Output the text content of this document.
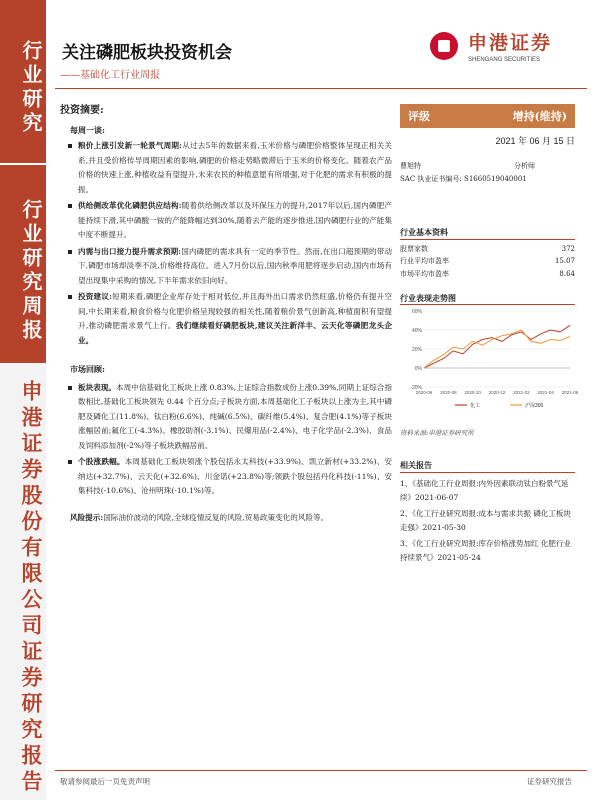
行业研究
行业研究周报
申港证券股份有限公司证券研究报告
关注磷肥板块投资机会
——基础化工行业周报
申港证券
SHENGANG SECURITIES
投资摘要:
每周一谈:
粮价上涨引发新一轮景气周期:从过去5年的数据来看,玉米价格与磷肥价格整体呈现正相关关系,并且受价格传导周期因素的影响,磷肥的价格走势略微滞后于玉米的价格变化。随着农产品价格的快速上涨,种植收益有望提升,未来农民的种植意愿有所增强,对于化肥的需求有积极的提振。
供给侧改革优化磷肥供应结构:随着供给侧改革以及环保压力的提升,2017年以后,国内磷肥产能持续下滑,其中磷酸一铵的产能降幅达到30%,随着去产能的逐步推进,国内磷肥行业的产能集中度不断提升。
内需与出口接力提升需求预期:国内磷肥的需求具有一定的季节性。然而,在出口超预期的带动下,磷肥市场却淡季不淡,价格维持高位。进入7月份以后,国内秋季用肥将逐步启动,国内市场有望出现集中采购的情况,下半年需求依旧向好。
投资建议:短期来看,磷肥企业库存处于相对低位,并且海外出口需求仍然旺盛,价格仍有提升空间,中长期来看,粮食价格与化肥价格呈现较强的相关性,随着粮价景气创新高,种植面积有望提升,推动磷肥需求景气上行。我们继续看好磷肥板块,建议关注新洋丰、云天化等磷肥龙头企业。
市场回顾:
板块表现。本周中信基础化工板块上涨 0.83%,上证综合指数成份上涨0.39%,同期上证综合指数相比,基础化工板块领先 0.44 个百分点;子板块方面,本周基础化工子板块以上涨为主,其中磷肥及磷化工(11.8%)、钛白粉(6.6%)、纯碱(6.5%)、碳纤维(5.4%)、复合肥(4.1%)等子板块涨幅居前;氟化工(-4.3%)、橡胶助剂(-3.1%)、民爆用品(-2.4%)、电子化学品(-2.3%)、食品及饲料添加剂(-2%)等子板块跌幅居前。
个股涨跌幅。本周基础化工板块领涨个股包括永太科技(+33.9%)、凯立新材(+33.2%)、安纳达(+32.7%)、云天化(+32.6%)、川金诺(+23.8%)等;领跌个股包括丹化科技(-11%)、安集科技(-10.6%)、沧州明珠(-10.1%)等。
风险提示:国际油价波动的风险,全球疫情反复的风险,贸易政策变化的风险等。
评级	增持(维持)
2021 年 06 月 15 日
曹旭特	分析师
SAC 执业证书编号: S1660519040001
行业基本资料
股票家数	372
行业平均市盈率	15.07
市场平均市盈率	8.64
行业表现走势图
60%
40%
20%
0%
-20%
2020-06 2020-08 2020-10 2020-12 2021-02 2021-04 2021-06
化工	沪深300
资料来源:申港证券研究所
相关报告
1、《基础化工行业周报:内外因素联动钛白粉景气延续》2021-06-07
2、《化工行业研究周报:成本与需求共振 磷化工板块走强》2021-05-30
3、《化工行业研究周报:库存价格涨势加红 化肥行业持续景气》2021-05-24
敬请参阅最后一页免责声明	证券研究报告
